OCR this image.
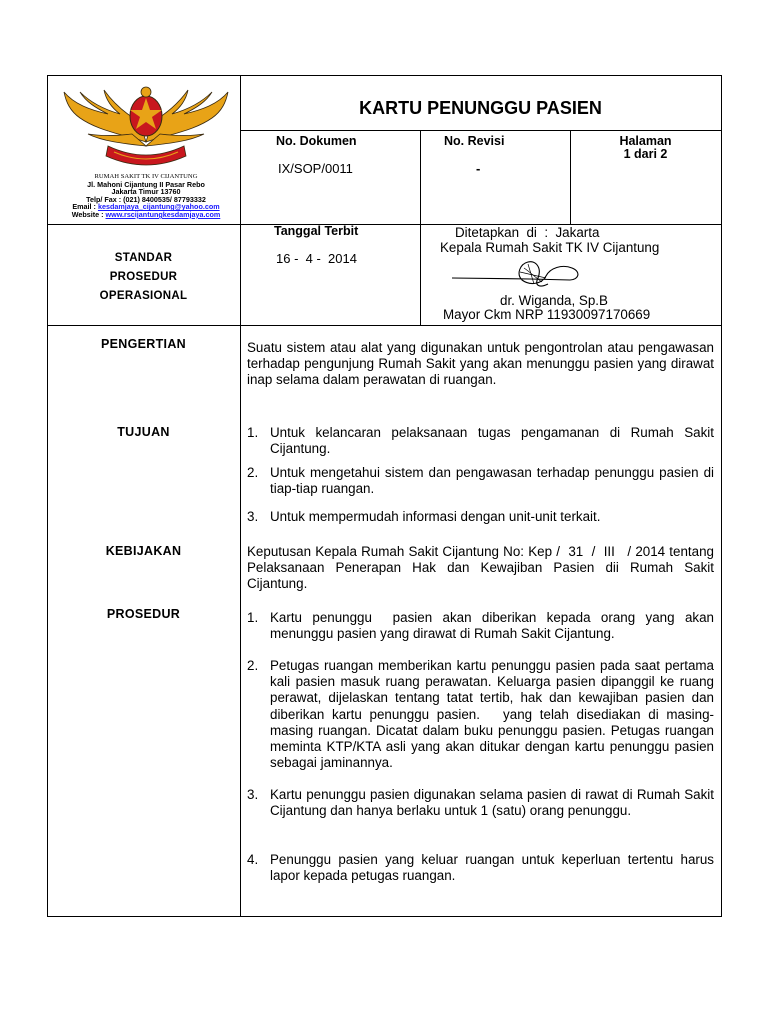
RUMAH SAKIT TK IV CIJANTUNG
Jl. Mahoni Cijantung II Pasar Rebo
Jakarta Timur 13760
Telp/ Fax : (021) 8400535/ 87793332
Email : kesdamjaya_cijantung@yahoo.com
Website : www.rscijantungkesdamjaya.com
KARTU PENUNGGU PASIEN
No. Dokumen
IX/SOP/0011
No. Revisi
-
Halaman
1 dari 2
STANDAR
PROSEDUR
OPERASIONAL
Tanggal Terbit
16 -  4 -  2014
Ditetapkan  di  :  Jakarta
Kepala Rumah Sakit TK IV Cijantung
dr. Wiganda, Sp.B
Mayor Ckm NRP 11930097170669
PENGERTIAN	Suatu sistem atau alat yang digunakan untuk pengontrolan atau pengawasan terhadap pengunjung Rumah Sakit yang akan menunggu pasien yang dirawat inap selama dalam perawatan di ruangan.
TUJUAN	1. Untuk kelancaran pelaksanaan tugas pengamanan di Rumah Sakit Cijantung.
2. Untuk mengetahui sistem dan pengawasan terhadap penunggu pasien di tiap-tiap ruangan.
3. Untuk mempermudah informasi dengan unit-unit terkait.
KEBIJAKAN	Keputusan Kepala Rumah Sakit Cijantung No: Kep /  31  /  III   / 2014 tentang Pelaksanaan Penerapan Hak dan Kewajiban Pasien dii Rumah Sakit Cijantung.
PROSEDUR	1. Kartu penunggu  pasien akan diberikan kepada orang yang akan menunggu pasien yang dirawat di Rumah Sakit Cijantung.
2. Petugas ruangan memberikan kartu penunggu pasien pada saat pertama kali pasien masuk ruang perawatan. Keluarga pasien dipanggil ke ruang perawat, dijelaskan tentang tatat tertib, hak dan kewajiban pasien dan diberikan kartu penunggu pasien.   yang telah disediakan di masing-masing ruangan. Dicatat dalam buku penunggu pasien. Petugas ruangan meminta KTP/KTA asli yang akan ditukar dengan kartu penunggu pasien sebagai jaminannya.
3. Kartu penunggu pasien digunakan selama pasien di rawat di Rumah Sakit Cijantung dan hanya berlaku untuk 1 (satu) orang penunggu.
4. Penunggu pasien yang keluar ruangan untuk keperluan tertentu harus lapor kepada petugas ruangan.
